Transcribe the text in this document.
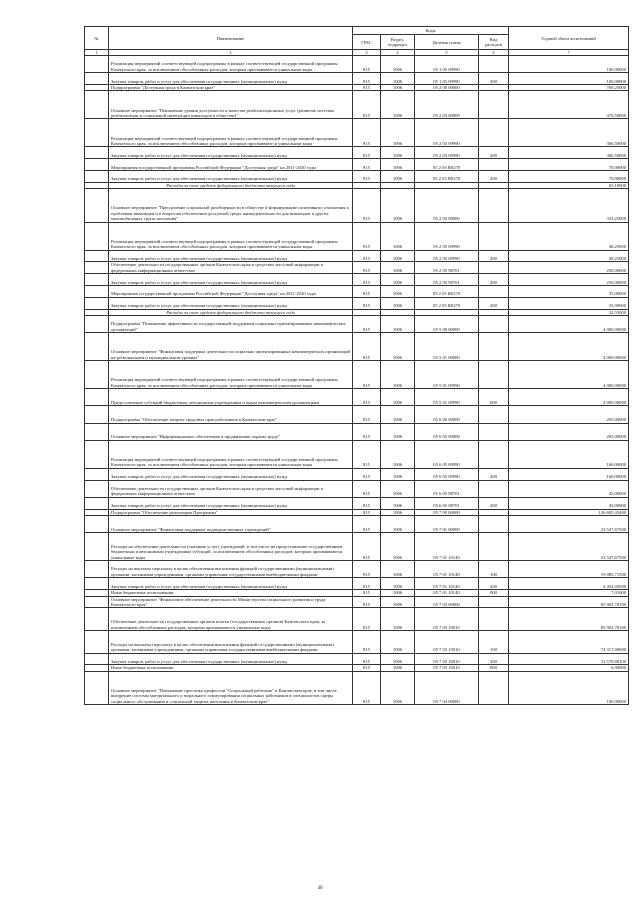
№	Наименование	Коды				Годовой объем ассигнований
		ГРБС	Раздел, подраздел	Целевая статья	Вид расходов	
1	2	3	4	5	6	7
	Реализация мероприятий соответствующей подпрограммы в рамках соответствующей государственной программы Камчатского края, за исключением обособленных расходов, которым присваиваются уникальные коды	815	1006	05 1 05 09990		100,00000
	Закупка товаров, работ и услуг для обеспечения государственных (муниципальных) нужд	815	1006	05 1 05 09990	200	100,00000
	Подпрограмма "Доступная среда в Камчатском крае"	815	1006	05 2 00 00000		769,25000
	Основное мероприятие "Повышение уровня доступности и качества реабилитационных услуг (развитие системы реабилитации и социальной интеграции инвалидов в обществе)"	815	1006	05 2 03 00000		476,50000
	Реализация мероприятий соответствующей подпрограммы в рамках соответствующей государственной программы Камчатского края, за исключением обособленных расходов, которым присваиваются уникальные коды	815	1006	05 2 03 09990		366,50000
	Закупка товаров, работ и услуг для обеспечения государственных (муниципальных) нужд	815	1006	05 2 03 09990	200	366,50000
	Мероприятия государственной программы Российской Федерации "Доступная среда" на 2011-2020 годы	815	1006	05 2 03 R0270		70,00000
	Закупка товаров, работ и услуг для обеспечения государственных (муниципальных) нужд	815	1006	05 2 03 R0270	200	70,00000
	Расходы за счет средств федерального бюджета текущего года					65,10000
	Основное мероприятие "Преодоление социальной разобщенности в обществе и формирование позитивного отношения к проблемам инвалидов и к вопросам обеспечения доступной среды жизнедеятельности для инвалидов и других маломобильных групп населения"	815	1006	05 2 05 00000		333,25000
	Реализация мероприятий соответствующей подпрограммы в рамках соответствующей государственной программы Камчатского края, за исключением обособленных расходов, которым присваиваются уникальные коды	815	1006	05 2 05 09990		48,25000
	Закупка товаров, работ и услуг для обеспечения государственных (муниципальных) нужд	815	1006	05 2 05 09990	200	48,25000
	Обеспечение деятельности государственных органов Камчатского края в средствах массовой информации и федеральных информационных агентствах	815	1006	05 2 05 98701		250,00000
	Закупка товаров, работ и услуг для обеспечения государственных (муниципальных) нужд	815	1006	05 2 05 98701	200	250,00000
	Мероприятия государственной программы Российской Федерации "Доступная среда" на 2011-2020 годы	815	1006	05 2 05 R0270		35,00000
	Закупка товаров, работ и услуг для обеспечения государственных (муниципальных) нужд	815	1006	05 2 05 R0270	200	35,00000
	Расходы за счет средств федерального бюджета текущего года					32,55000
	Подпрограмма "Повышение эффективности государственной поддержки социально-ориентированных некоммерческих организаций"	815	1006	05 5 00 00000		4 000,00000
	Основное мероприятие "Финансовая поддержка деятельности социально ориентированных некоммерческих организаций на региональном и муниципальном уровнях"	815	1006	05 5 01 00000		4 000,00000
	Реализация мероприятий соответствующей подпрограммы в рамках соответствующей государственной программы Камчатского края, за исключением обособленных расходов, которым присваиваются уникальные коды	815	1006	05 5 01 09990		4 000,00000
	Предоставление субсидий бюджетным, автономным учреждениям и иным некоммерческим организациям	815	1006	05 5 01 09990	600	4 000,00000
	Подпрограмма "Обеспечение защиты трудовых прав работников в Камчатском крае"	815	1006	05 6 00 00000		205,00000
	Основное мероприятие "Информационное обеспечение в продвижение охраны труда"	815	1006	05 6 05 00000		205,00000
	Реализация мероприятий соответствующей подпрограммы в рамках соответствующей государственной программы Камчатского края, за исключением обособленных расходов, которым присваиваются уникальные коды	815	1006	05 6 05 09990		160,00000
	Закупка товаров, работ и услуг для обеспечения государственных (муниципальных) нужд	815	1006	05 6 05 09990	200	160,00000
	Обеспечение деятельности государственных органов Камчатского края в средствах массовой информации и федеральных информационных агентствах	815	1006	05 6 05 98701		45,00000
	Закупка товаров, работ и услуг для обеспечения государственных (муниципальных) нужд	815	1006	05 6 05 98701	200	45,00000
	Подпрограмма "Обеспечение реализации Программы"	815	1006	05 7 00 00000		126 605,45400
	Основное мероприятие "Финансовая поддержка подведомственных учреждений"	815	1006	05 7 01 00000		23 547,67500
	Расходы на обеспечение деятельности (оказание услуг) учреждений, в том числе на предоставление государственным бюджетным и автономным учреждениям субсидий, за исключением обособленных расходов, которым присваиваются уникальные коды	815	1006	05 7 01 10140		23 547,67500
	Расходы на выплаты персоналу в целях обеспечения выполнения функций государственными (муниципальными) органами, казенными учреждениями, органами управления государственными внебюджетными фондами	815	1006	05 7 01 10140	100	19 085,71500
	Закупка товаров, работ и услуг для обеспечения государственных (муниципальных) нужд	815	1006	05 7 01 10140	200	4 454,95000
	Иные бюджетные ассигнования	815	1006	05 7 01 10140	800	7,01000
	Основное мероприятие "Финансовое обеспечение деятельности Министерства социального развития и труда Камчатского края"	815	1006	05 7 03 00000		85 903,78100
	Обеспечение деятельности государственных органов власти (государственных органов) Камчатского края, за исключением обособленных расходов, которым присваиваются уникальные коды	815	1006	05 7 03 10010		85 903,78100
	Расходы на выплаты персоналу в целях обеспечения выполнения функций государственными (муниципальными) органами, казенными учреждениями, органами управления государственными внебюджетными фондами	815	1006	05 7 03 10010	100	74 317,00000
	Закупка товаров, работ и услуг для обеспечения государственных (муниципальных) нужд	815	1006	05 7 03 10010	200	11 579,88100
	Иные бюджетные ассигнования	815	1006	05 7 03 10010	800	6,90000
	Основное мероприятие "Повышение престижа профессии "Социальный работник" в Камчатском крае, в том числе внедрение системы материального и морального стимулирования социальных работников и специалистов сферы социального обслуживания и социальной защиты населения в Камчатском крае"	815	1006	05 7 04 00000		100,00000
40
